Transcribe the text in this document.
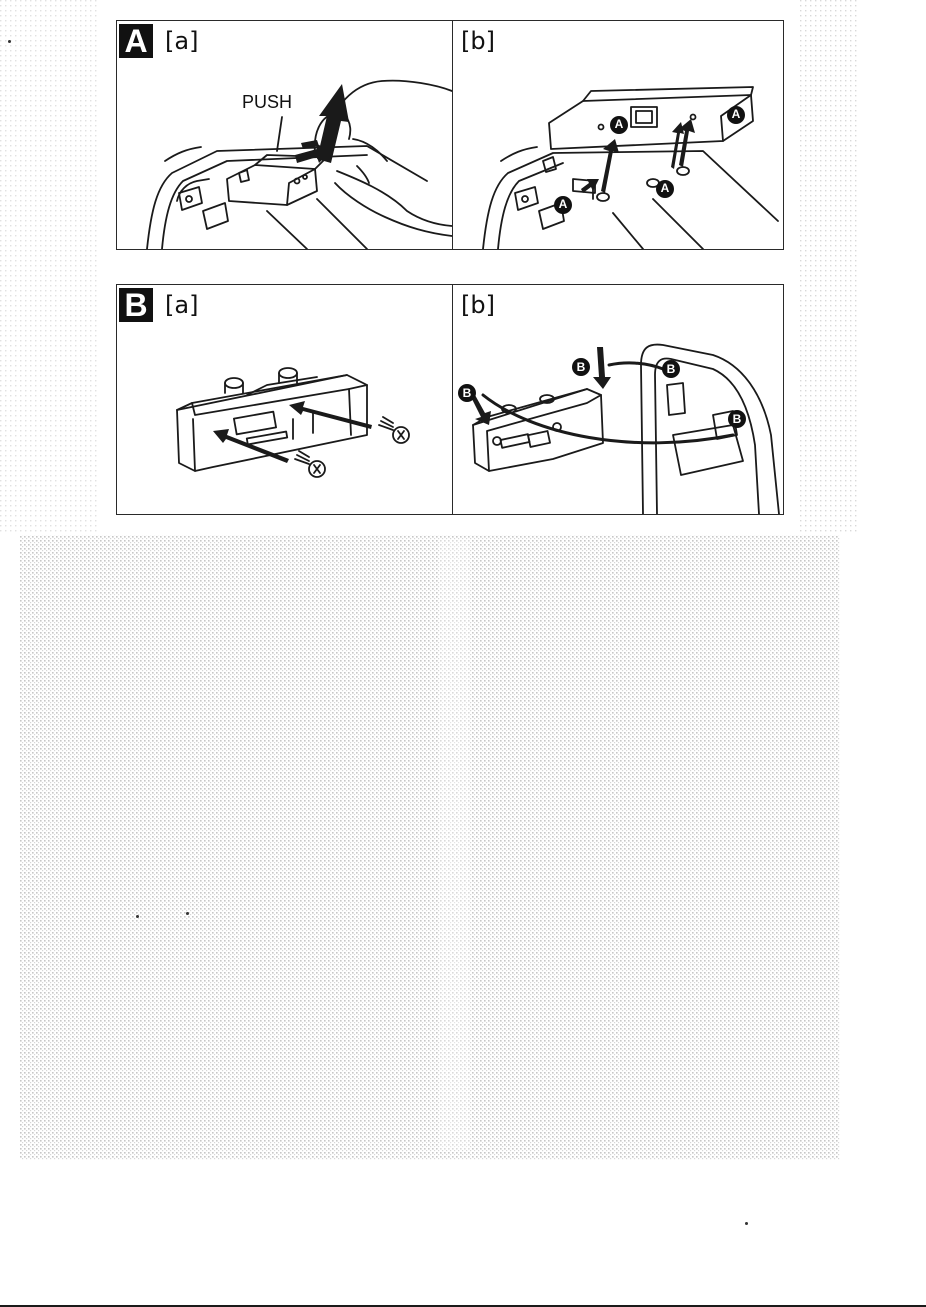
A [a]	[b]
PUSH
A
A
A
A
B [a]	[b]
B
B
B
B
